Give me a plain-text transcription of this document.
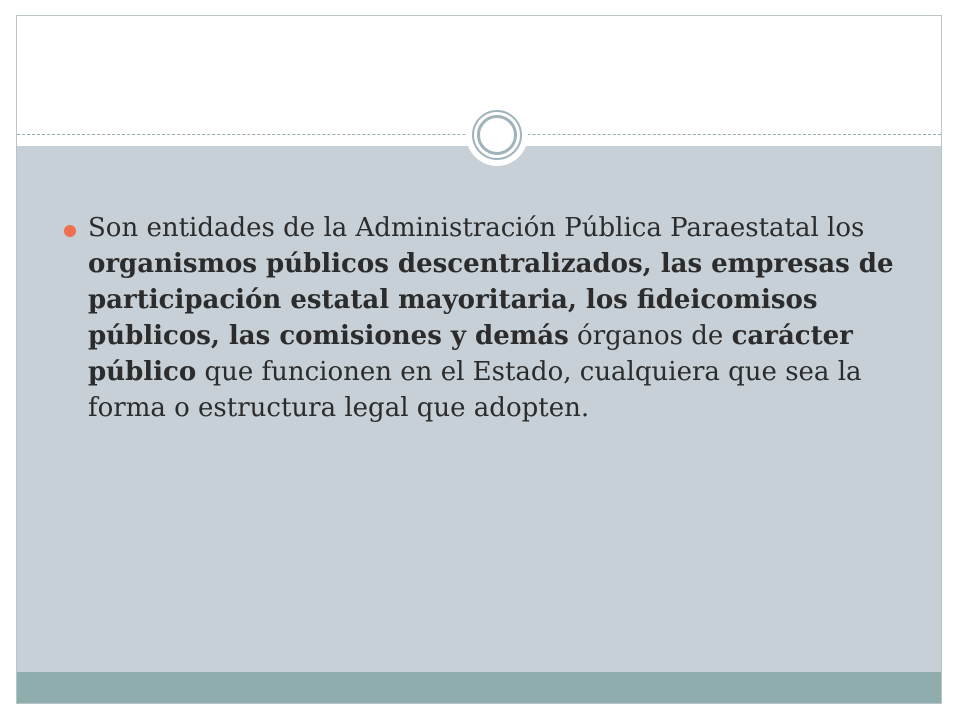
Son entidades de la Administración Pública Paraestatal los organismos públicos descentralizados, las empresas de participación estatal mayoritaria, los fideicomisos públicos, las comisiones y demás órganos de carácter público que funcionen en el Estado, cualquiera que sea la forma o estructura legal que adopten.
